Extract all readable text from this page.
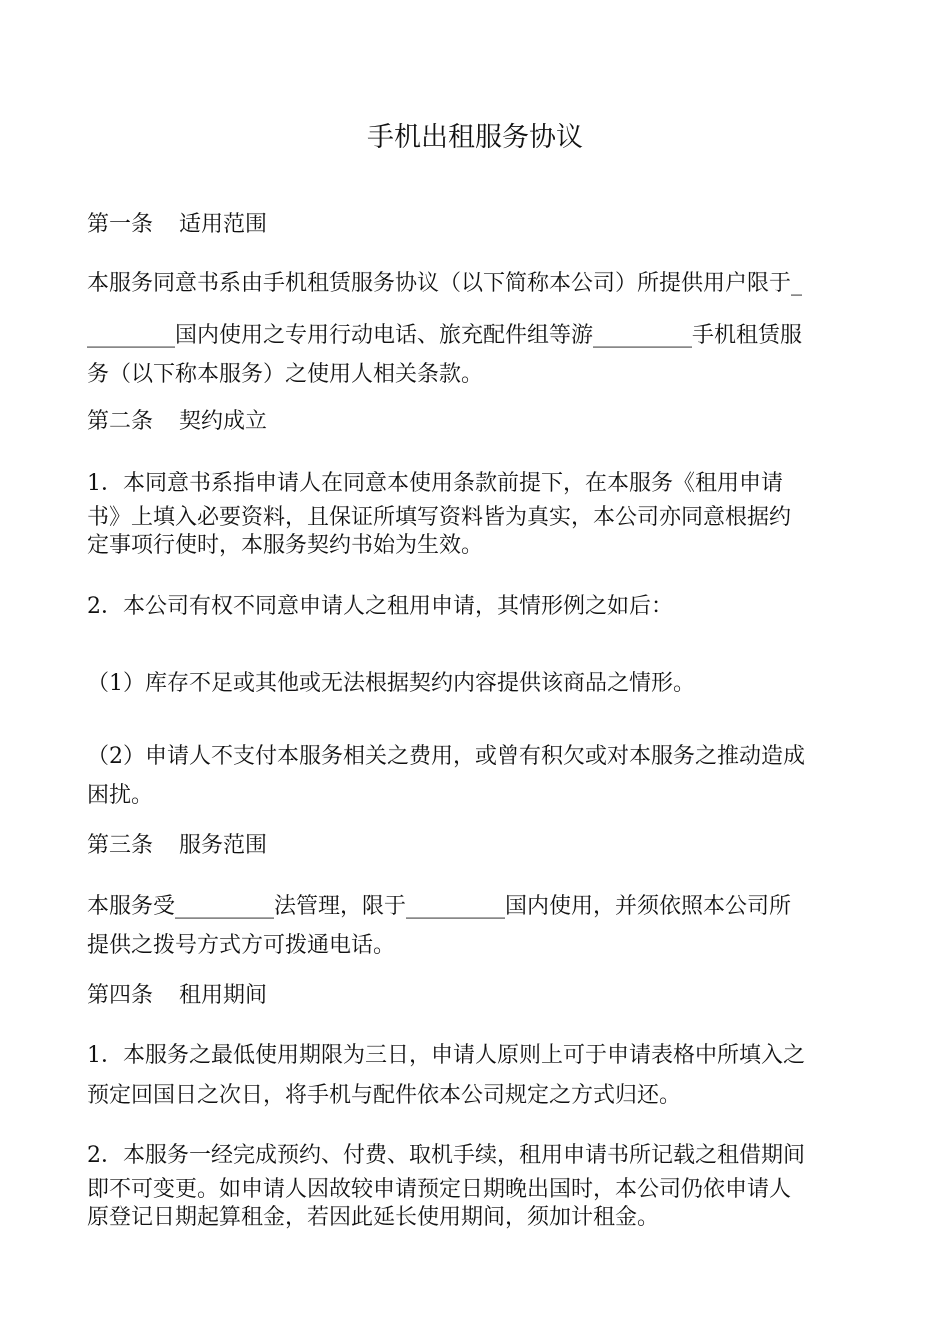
手机出租服务协议
第一条 适用范围
本服务同意书系由手机租赁服务协议（以下简称本公司）所提供用户限于_
________国内使用之专用行动电话、旅充配件组等游_________手机租赁服
务（以下称本服务）之使用人相关条款。
第二条 契约成立
1．本同意书系指申请人在同意本使用条款前提下，在本服务《租用申请
书》上填入必要资料，且保证所填写资料皆为真实，本公司亦同意根据约
定事项行使时，本服务契约书始为生效。
2．本公司有权不同意申请人之租用申请，其情形例之如后：
（1）库存不足或其他或无法根据契约内容提供该商品之情形。
（2）申请人不支付本服务相关之费用，或曾有积欠或对本服务之推动造成
困扰。
第三条 服务范围
本服务受_________法管理，限于_________国内使用，并须依照本公司所
提供之拨号方式方可拨通电话。
第四条 租用期间
1．本服务之最低使用期限为三日，申请人原则上可于申请表格中所填入之
预定回国日之次日，将手机与配件依本公司规定之方式归还。
2．本服务一经完成预约、付费、取机手续，租用申请书所记载之租借期间
即不可变更。如申请人因故较申请预定日期晚出国时，本公司仍依申请人
原登记日期起算租金，若因此延长使用期间，须加计租金。
